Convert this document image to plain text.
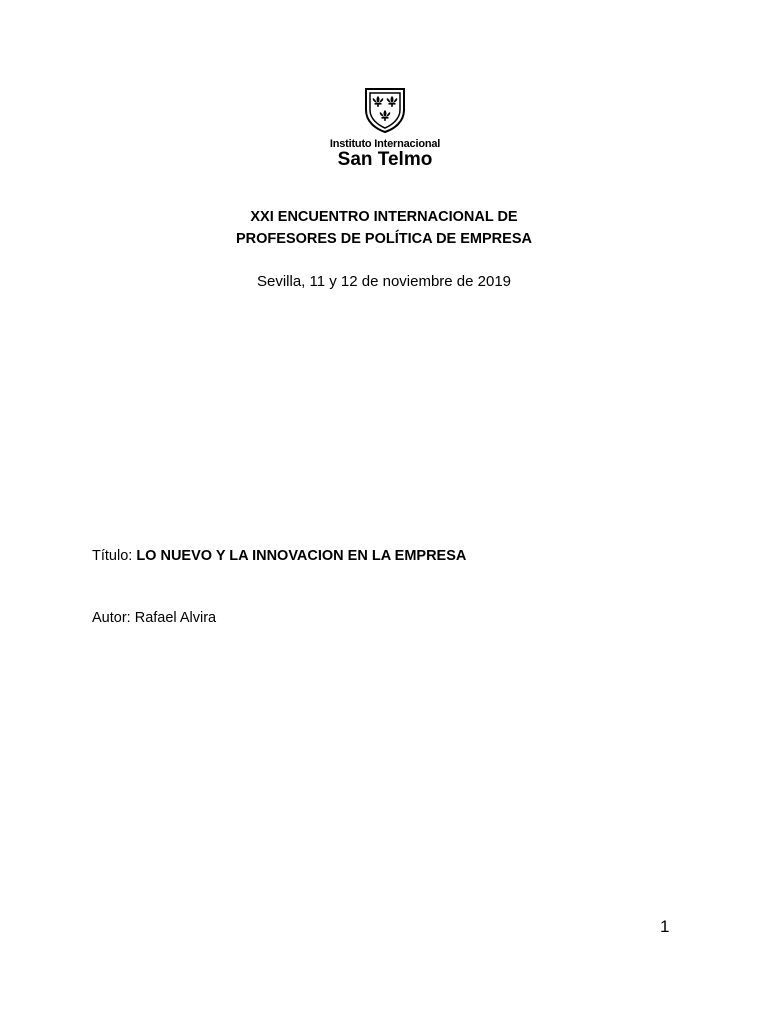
Instituto Internacional
San Telmo
XXI ENCUENTRO INTERNACIONAL DE
PROFESORES DE POLÍTICA DE EMPRESA
Sevilla, 11 y 12 de noviembre de 2019
Título: LO NUEVO Y LA INNOVACION EN LA EMPRESA
Autor: Rafael Alvira
1
